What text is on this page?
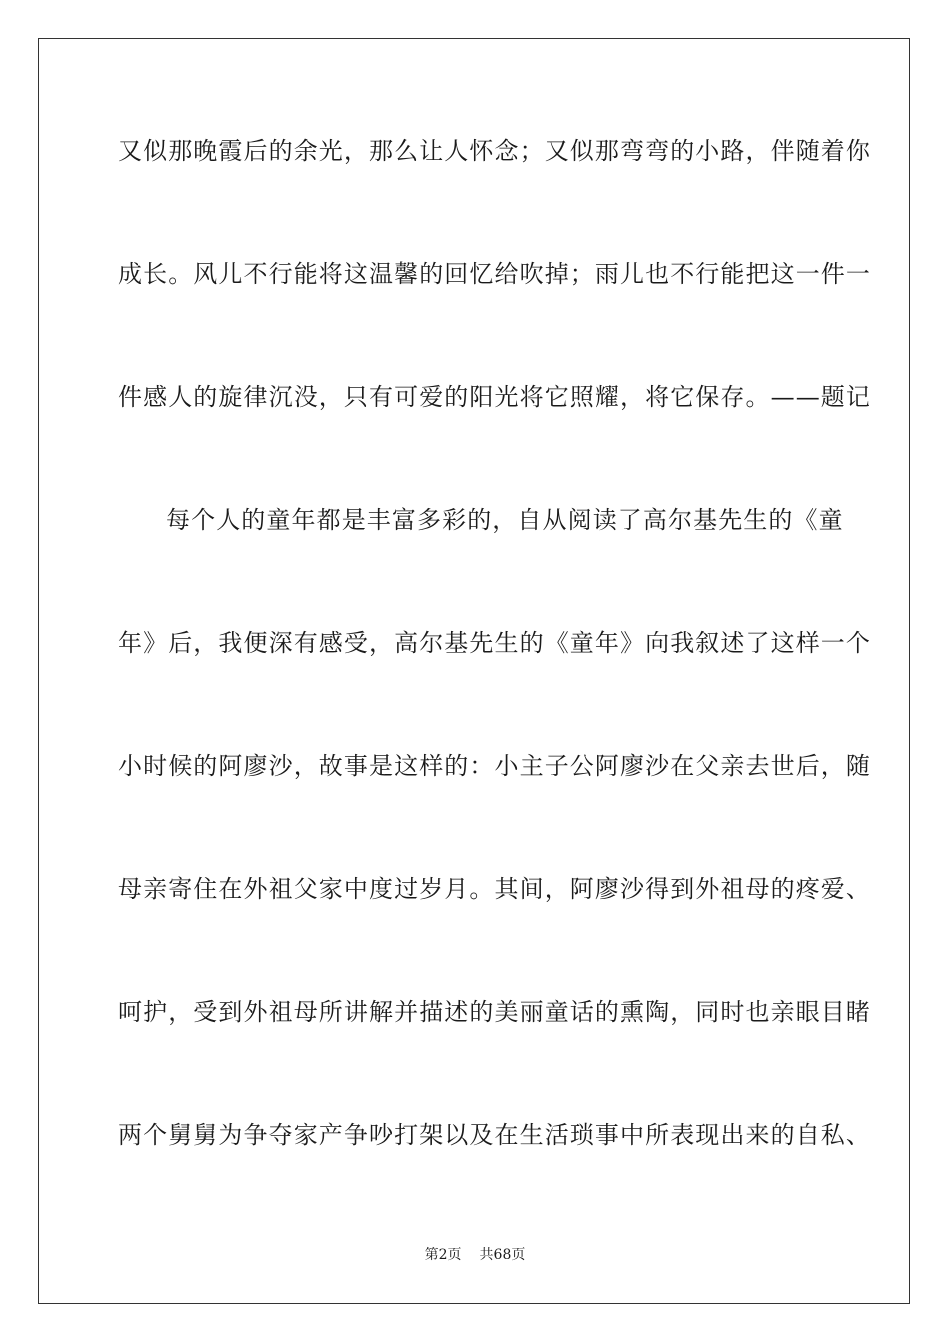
又似那晚霞后的余光，那么让人怀念；又似那弯弯的小路，伴随着你
成长。风儿不行能将这温馨的回忆给吹掉；雨儿也不行能把这一件一
件感人的旋律沉没，只有可爱的阳光将它照耀，将它保存。——题记
每个人的童年都是丰富多彩的，自从阅读了高尔基先生的《童
年》后，我便深有感受，高尔基先生的《童年》向我叙述了这样一个
小时候的阿廖沙，故事是这样的：小主子公阿廖沙在父亲去世后，随
母亲寄住在外祖父家中度过岁月。其间，阿廖沙得到外祖母的疼爱、
呵护，受到外祖母所讲解并描述的美丽童话的熏陶，同时也亲眼目睹
两个舅舅为争夺家产争吵打架以及在生活琐事中所表现出来的自私、
第2页 共68页
